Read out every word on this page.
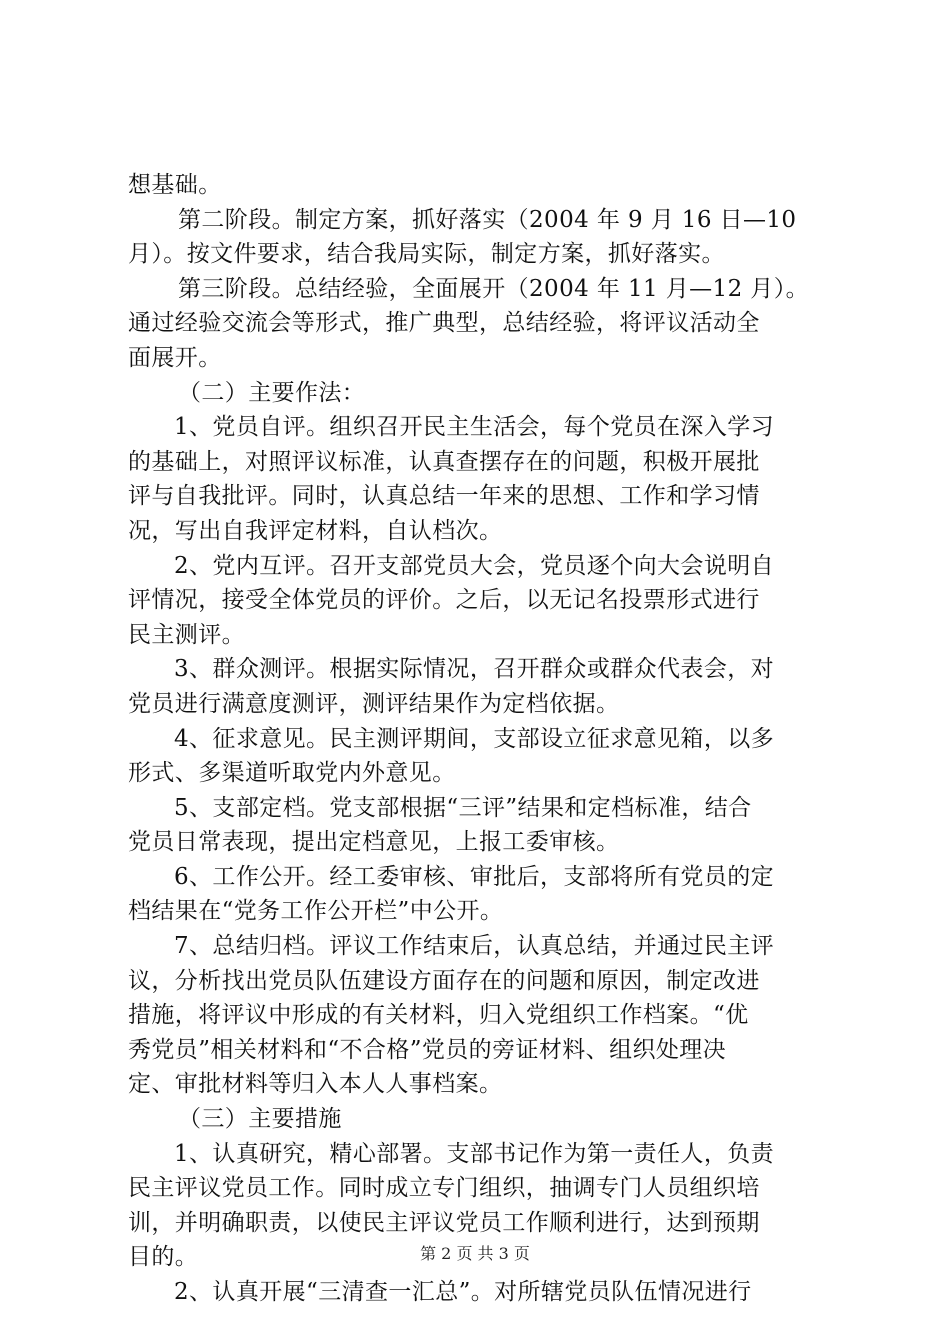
想基础。
第二阶段。制定方案，抓好落实（2004 年 9 月 16 日—10
月）。按文件要求，结合我局实际，制定方案，抓好落实。
第三阶段。总结经验，全面展开（2004 年 11 月—12 月）。
通过经验交流会等形式，推广典型，总结经验，将评议活动全
面展开。
（二）主要作法：
1、党员自评。组织召开民主生活会，每个党员在深入学习
的基础上，对照评议标准，认真查摆存在的问题，积极开展批
评与自我批评。同时，认真总结一年来的思想、工作和学习情
况，写出自我评定材料，自认档次。
2、党内互评。召开支部党员大会，党员逐个向大会说明自
评情况，接受全体党员的评价。之后，以无记名投票形式进行
民主测评。
3、群众测评。根据实际情况，召开群众或群众代表会，对
党员进行满意度测评，测评结果作为定档依据。
4、征求意见。民主测评期间，支部设立征求意见箱，以多
形式、多渠道听取党内外意见。
5、支部定档。党支部根据“三评”结果和定档标准，结合
党员日常表现，提出定档意见，上报工委审核。
6、工作公开。经工委审核、审批后，支部将所有党员的定
档结果在“党务工作公开栏”中公开。
7、总结归档。评议工作结束后，认真总结，并通过民主评
议，分析找出党员队伍建设方面存在的问题和原因，制定改进
措施，将评议中形成的有关材料，归入党组织工作档案。“优
秀党员”相关材料和“不合格”党员的旁证材料、组织处理决
定、审批材料等归入本人人事档案。
（三）主要措施
1、认真研究，精心部署。支部书记作为第一责任人，负责
民主评议党员工作。同时成立专门组织，抽调专门人员组织培
训，并明确职责，以使民主评议党员工作顺利进行，达到预期
目的。
2、认真开展“三清查一汇总”。对所辖党员队伍情况进行
第 2 页 共 3 页
